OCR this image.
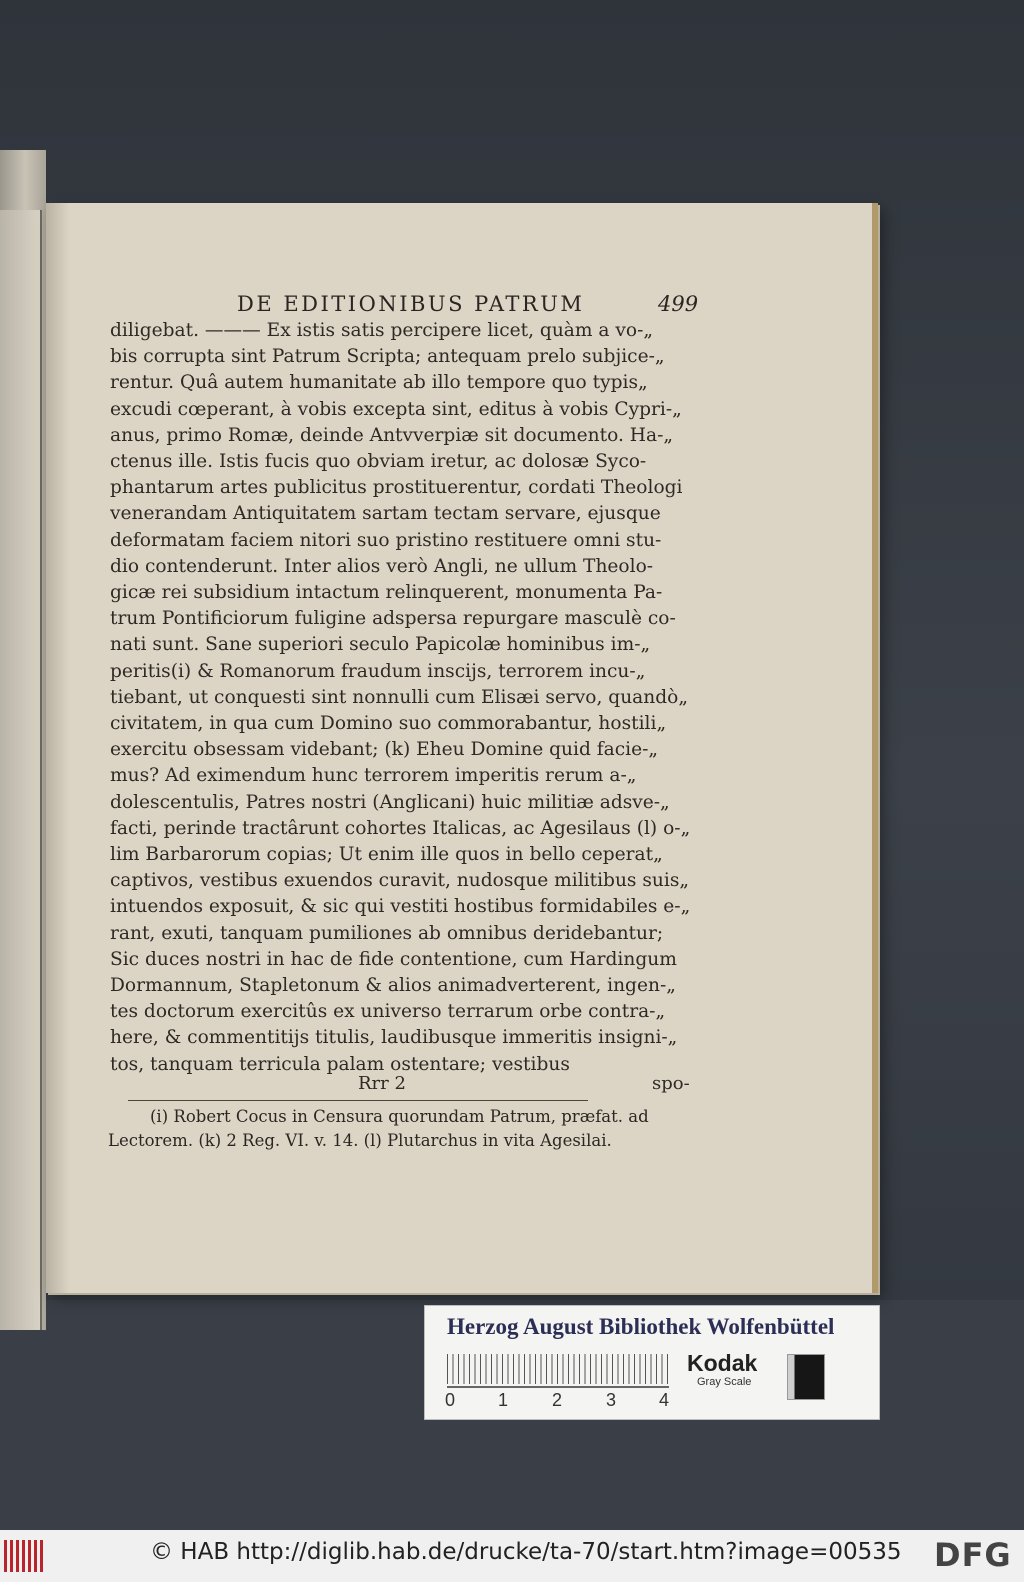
DE EDITIONIBUS PATRUM	499
diligebat. ——— Ex istis satis percipere licet, quàm a vo-„
bis corrupta sint Patrum Scripta; antequam prelo subjice-„
rentur. Quâ autem humanitate ab illo tempore quo typis„
excudi cœperant, à vobis excepta sint, editus à vobis Cypri-„
anus, primo Romæ, deinde Antvverpiæ sit documento. Ha-„
ctenus ille. Istis fucis quo obviam iretur, ac dolosæ Syco-
phantarum artes publicitus prostituerentur, cordati Theologi
venerandam Antiquitatem sartam tectam servare, ejusque
deformatam faciem nitori suo pristino restituere omni stu-
dio contenderunt. Inter alios verò Angli, ne ullum Theolo-
gicæ rei subsidium intactum relinquerent, monumenta Pa-
trum Pontificiorum fuligine adspersa repurgare masculè co-
nati sunt. Sane superiori seculo Papicolæ hominibus im-„
peritis(i) & Romanorum fraudum inscijs, terrorem incu-„
tiebant, ut conquesti sint nonnulli cum Elisæi servo, quandò„
civitatem, in qua cum Domino suo commorabantur, hostili„
exercitu obsessam videbant; (k) Eheu Domine quid facie-„
mus? Ad eximendum hunc terrorem imperitis rerum a-„
dolescentulis, Patres nostri (Anglicani) huic militiæ adsve-„
facti, perinde tractârunt cohortes Italicas, ac Agesilaus (l) o-„
lim Barbarorum copias; Ut enim ille quos in bello ceperat„
captivos, vestibus exuendos curavit, nudosque militibus suis„
intuendos exposuit, & sic qui vestiti hostibus formidabiles e-„
rant, exuti, tanquam pumiliones ab omnibus deridebantur;
Sic duces nostri in hac de fide contentione, cum Hardingum
Dormannum, Stapletonum & alios animadverterent, ingen-„
tes doctorum exercitûs ex universo terrarum orbe contra-„
here, & commentitijs titulis, laudibusque immeritis insigni-„
tos, tanquam terricula palam ostentare; vestibus
Rrr 2	spo-
(i) Robert Cocus in Censura quorundam Patrum, præfat. ad
Lectorem. (k) 2 Reg. VI. v. 14. (l) Plutarchus in vita Agesilai.
Herzog August Bibliothek Wolfenbüttel
0 1 2 3 4
Kodak
Gray Scale
© HAB http://diglib.hab.de/drucke/ta-70/start.htm?image=00535 DFG
